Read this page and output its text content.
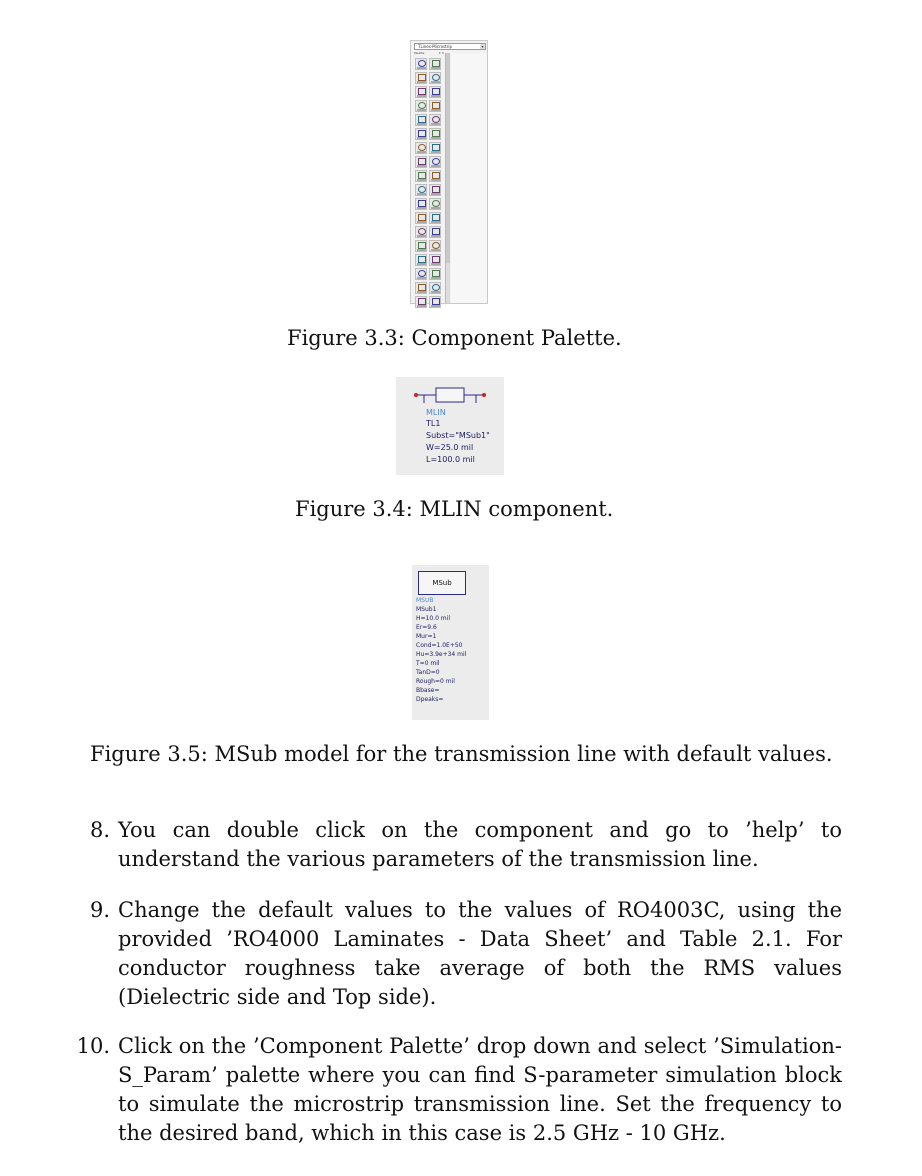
TLines-Microstrip	▾
Palette	▾ ✕
Figure 3.3: Component Palette.
MLIN
TL1
Subst="MSub1"
W=25.0 mil
L=100.0 mil
Figure 3.4: MLIN component.
MSub
MSUB
MSub1
H=10.0 mil
Er=9.6
Mur=1
Cond=1.0E+50
Hu=3.9e+34 mil
T=0 mil
TanD=0
Rough=0 mil
Bbase=
Dpeaks=
Figure 3.5: MSub model for the transmission line with default values.
8. You can double click on the component and go to ’help’ to understand the various parameters of the transmission line.
9. Change the default values to the values of RO4003C, using the provided ’RO4000 Laminates - Data Sheet’ and Table 2.1. For conductor roughness take average of both the RMS values (Dielectric side and Top side).
10. Click on the ’Component Palette’ drop down and select ’Simulation-S_Param’ palette where you can find S-parameter simulation block to simulate the microstrip transmission line. Set the frequency to the desired band, which in this case is 2.5 GHz - 10 GHz.
